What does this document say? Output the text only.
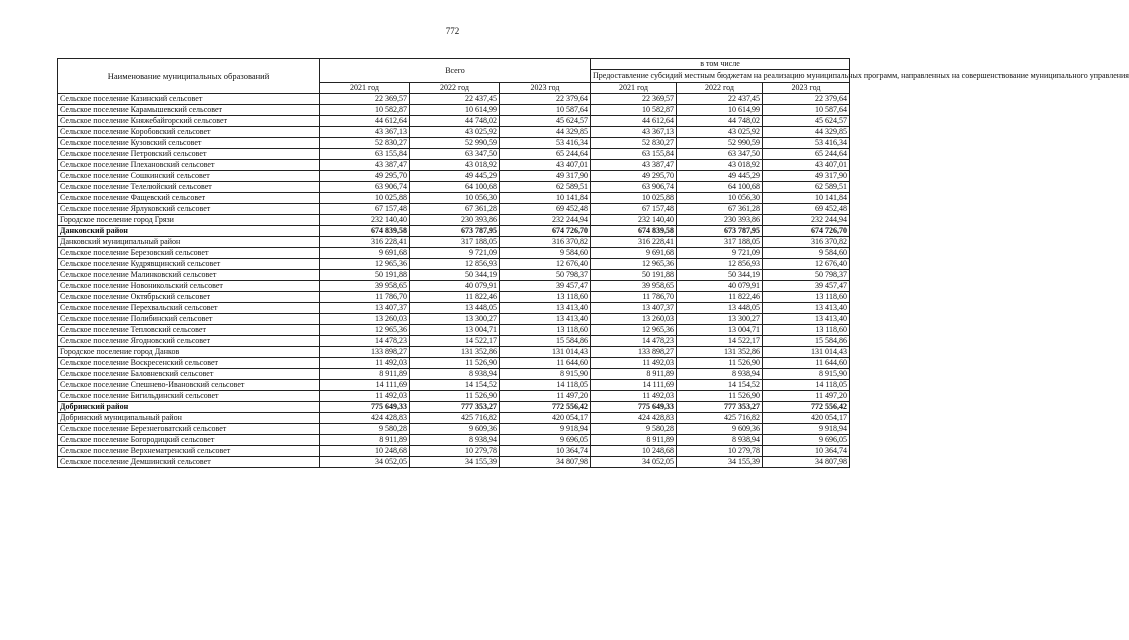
772
Наименование муниципальных образований	Всего			в том числе		
				Предоставление субсидий местным бюджетам на реализацию муниципальных программ, направленных на совершенствование муниципального управления		
	2021 год	2022 год	2023 год	2021 год	2022 год	2023 год
Сельское поселение Казинский сельсовет	22 369,57	22 437,45	22 379,64	22 369,57	22 437,45	22 379,64
Сельское поселение Карамышевский сельсовет	10 582,87	10 614,99	10 587,64	10 582,87	10 614,99	10 587,64
Сельское поселение Княжебайгорский сельсовет	44 612,64	44 748,02	45 624,57	44 612,64	44 748,02	45 624,57
Сельское поселение Коробовский сельсовет	43 367,13	43 025,92	44 329,85	43 367,13	43 025,92	44 329,85
Сельское поселение Кузовский сельсовет	52 830,27	52 990,59	53 416,34	52 830,27	52 990,59	53 416,34
Сельское поселение Петровский сельсовет	63 155,84	63 347,50	65 244,64	63 155,84	63 347,50	65 244,64
Сельское поселение Плехановский сельсовет	43 387,47	43 018,92	43 407,01	43 387,47	43 018,92	43 407,01
Сельское поселение Сошкинский сельсовет	49 295,70	49 445,29	49 317,90	49 295,70	49 445,29	49 317,90
Сельское поселение Телелюйский сельсовет	63 906,74	64 100,68	62 589,51	63 906,74	64 100,68	62 589,51
Сельское поселение Фащевский сельсовет	10 025,88	10 056,30	10 141,84	10 025,88	10 056,30	10 141,84
Сельское поселение Ярлуковский сельсовет	67 157,48	67 361,28	69 452,48	67 157,48	67 361,28	69 452,48
Городское поселение город Грязи	232 140,40	230 393,86	232 244,94	232 140,40	230 393,86	232 244,94
Данковский район	674 839,58	673 787,95	674 726,70	674 839,58	673 787,95	674 726,70
Данковский муниципальный район	316 228,41	317 188,05	316 370,82	316 228,41	317 188,05	316 370,82
Сельское поселение Березовский сельсовет	9 691,68	9 721,09	9 584,60	9 691,68	9 721,09	9 584,60
Сельское поселение Кудрявщинский сельсовет	12 965,36	12 856,93	12 676,40	12 965,36	12 856,93	12 676,40
Сельское поселение Малинковский сельсовет	50 191,88	50 344,19	50 798,37	50 191,88	50 344,19	50 798,37
Сельское поселение Новоникольский сельсовет	39 958,65	40 079,91	39 457,47	39 958,65	40 079,91	39 457,47
Сельское поселение Октябрьский сельсовет	11 786,70	11 822,46	13 118,60	11 786,70	11 822,46	13 118,60
Сельское поселение Перехвальский сельсовет	13 407,37	13 448,05	13 413,40	13 407,37	13 448,05	13 413,40
Сельское поселение Полибинский сельсовет	13 260,03	13 300,27	13 413,40	13 260,03	13 300,27	13 413,40
Сельское поселение Тепловский сельсовет	12 965,36	13 004,71	13 118,60	12 965,36	13 004,71	13 118,60
Сельское поселение Ягодновский сельсовет	14 478,23	14 522,17	15 584,86	14 478,23	14 522,17	15 584,86
Городское поселение город Данков	133 898,27	131 352,86	131 014,43	133 898,27	131 352,86	131 014,43
Сельское поселение Воскресенский сельсовет	11 492,03	11 526,90	11 644,60	11 492,03	11 526,90	11 644,60
Сельское поселение Баловневский сельсовет	8 911,89	8 938,94	8 915,90	8 911,89	8 938,94	8 915,90
Сельское поселение Спешнево-Ивановский сельсовет	14 111,69	14 154,52	14 118,05	14 111,69	14 154,52	14 118,05
Сельское поселение Бигильдинский сельсовет	11 492,03	11 526,90	11 497,20	11 492,03	11 526,90	11 497,20
Добринский район	775 649,33	777 353,27	772 556,42	775 649,33	777 353,27	772 556,42
Добринский муниципальный район	424 428,83	425 716,82	420 054,17	424 428,83	425 716,82	420 054,17
Сельское поселение Березнеговатский сельсовет	9 580,28	9 609,36	9 918,94	9 580,28	9 609,36	9 918,94
Сельское поселение Богородицкий сельсовет	8 911,89	8 938,94	9 696,05	8 911,89	8 938,94	9 696,05
Сельское поселение Верхнематренский сельсовет	10 248,68	10 279,78	10 364,74	10 248,68	10 279,78	10 364,74
Сельское поселение Демшинский сельсовет	34 052,05	34 155,39	34 807,98	34 052,05	34 155,39	34 807,98
